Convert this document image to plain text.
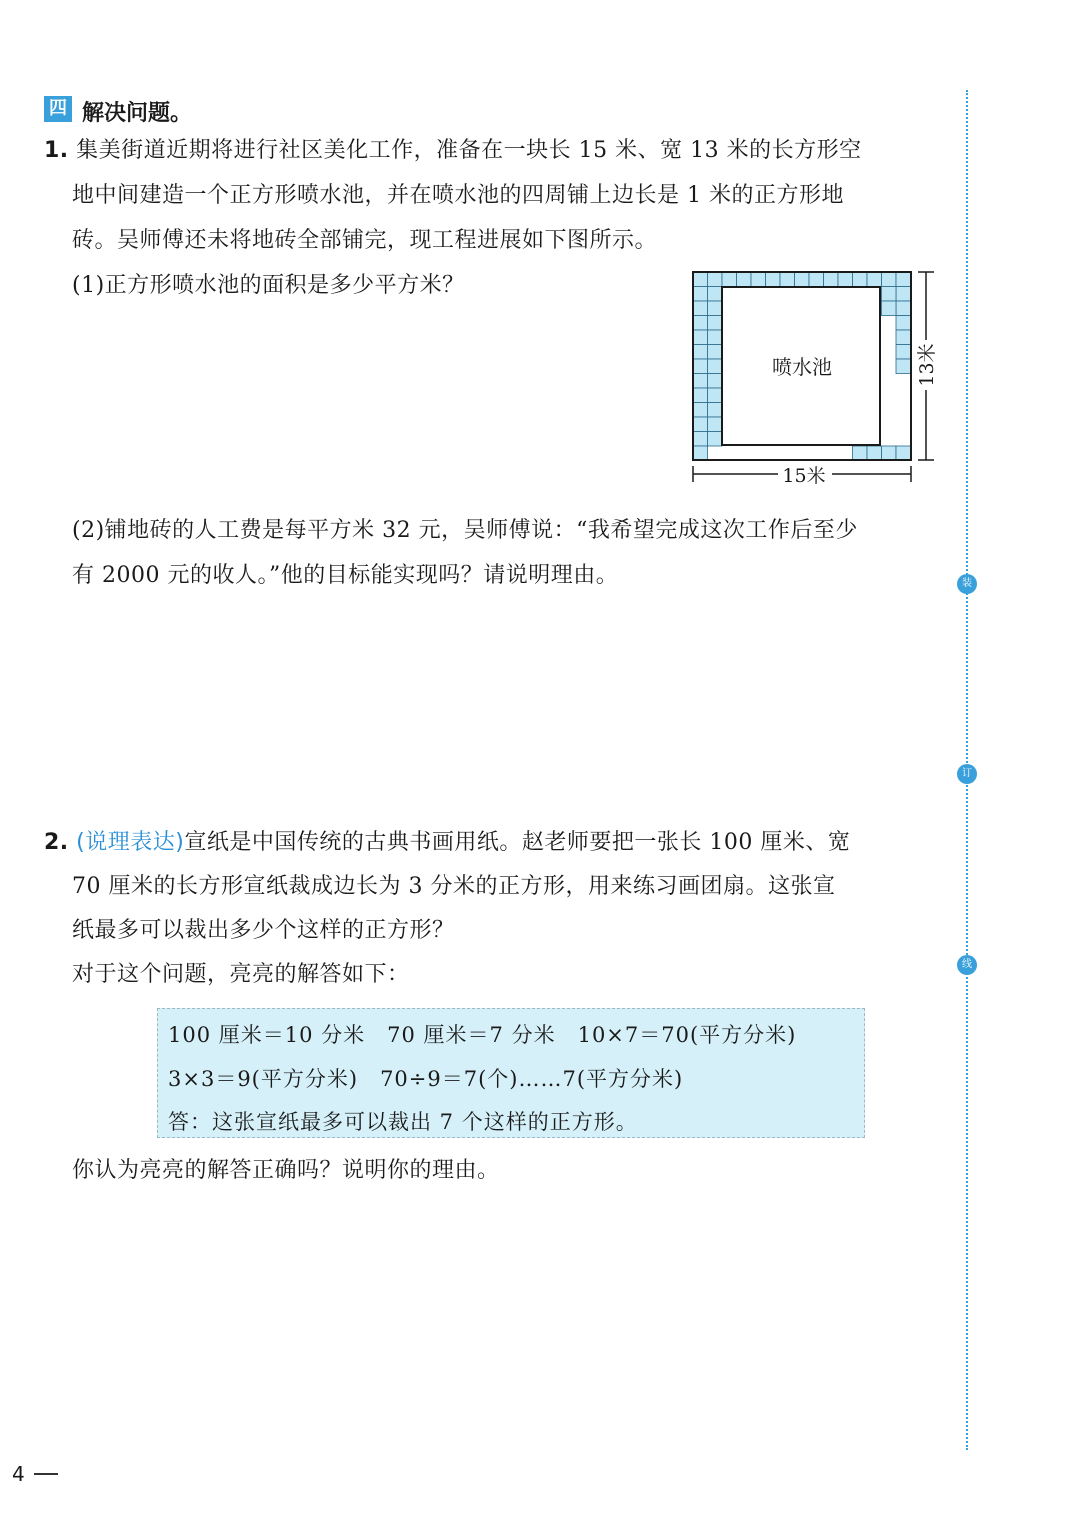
四 解决问题。
1. 集美街道近期将进行社区美化工作，准备在一块长 15 米、宽 13 米的长方形空
地中间建造一个正方形喷水池，并在喷水池的四周铺上边长是 1 米的正方形地
砖。吴师傅还未将地砖全部铺完，现工程进展如下图所示。
(1)正方形喷水池的面积是多少平方米？
喷水池
15米
13米
(2)铺地砖的人工费是每平方米 32 元，吴师傅说：“我希望完成这次工作后至少
有 2000 元的收人。”他的目标能实现吗？请说明理由。
2. (说理表达)宣纸是中国传统的古典书画用纸。赵老师要把一张长 100 厘米、宽
70 厘米的长方形宣纸裁成边长为 3 分米的正方形，用来练习画团扇。这张宣
纸最多可以裁出多少个这样的正方形？
对于这个问题，亮亮的解答如下：
100 厘米＝10 分米　70 厘米＝7 分米　10×7＝70(平方分米)
3×3＝9(平方分米)　70÷9＝7(个)……7(平方分米)
答：这张宣纸最多可以裁出 7 个这样的正方形。
你认为亮亮的解答正确吗？说明你的理由。
装
订
线
4
